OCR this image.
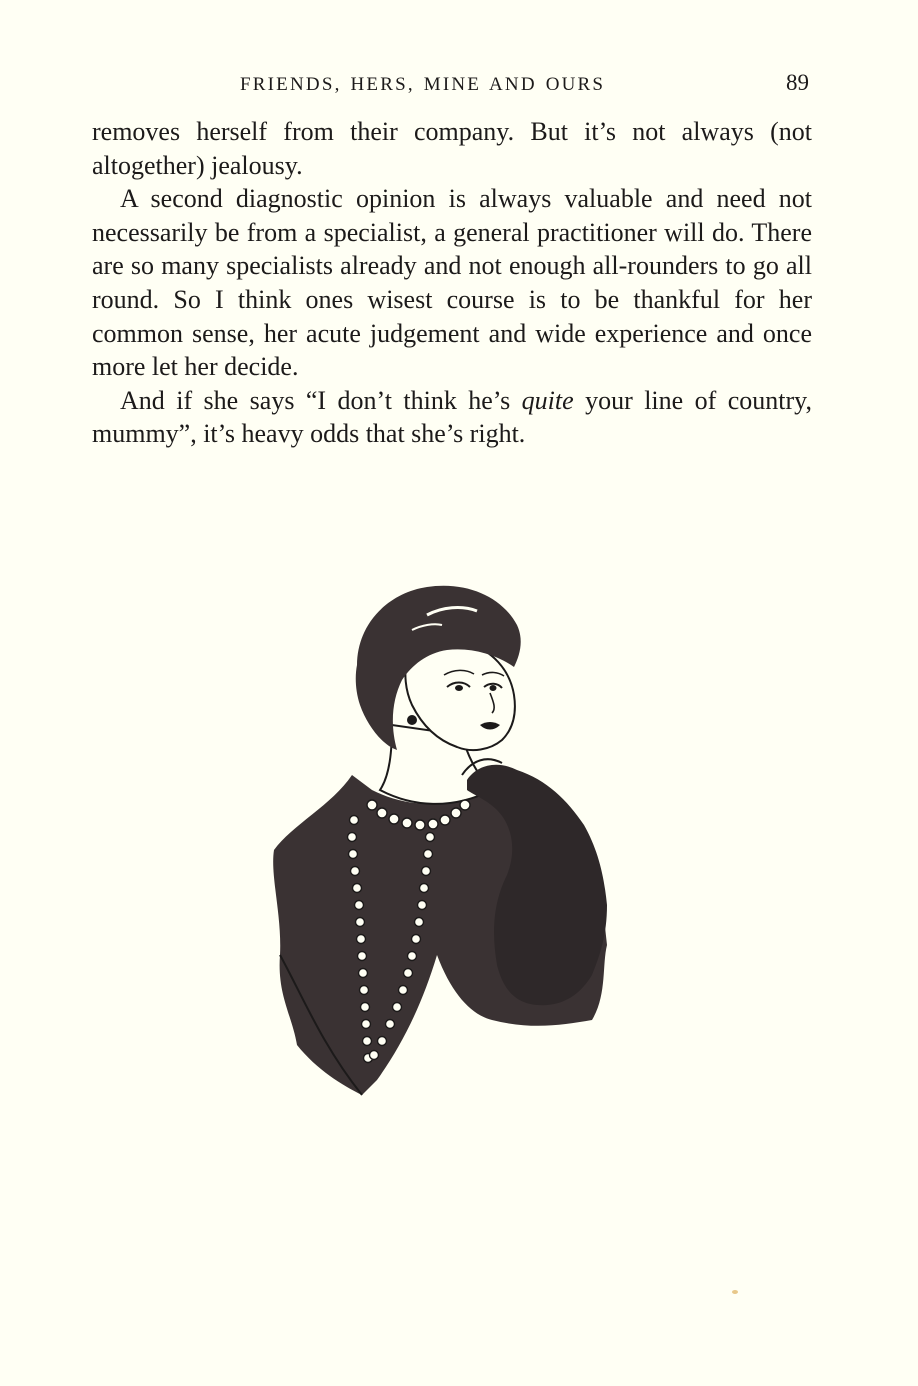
FRIENDS, HERS, MINE AND OURS	89

removes herself from their company. But it’s not always (not altogether) jealousy.

A second diagnostic opinion is always valuable and need not necessarily be from a specialist, a general practitioner will do. There are so many specialists already and not enough all-rounders to go all round. So I think ones wisest course is to be thankful for her common sense, her acute judgement and wide experience and once more let her decide.

And if she says “I don’t think he’s quite your line of country, mummy”, it’s heavy odds that she’s right.
